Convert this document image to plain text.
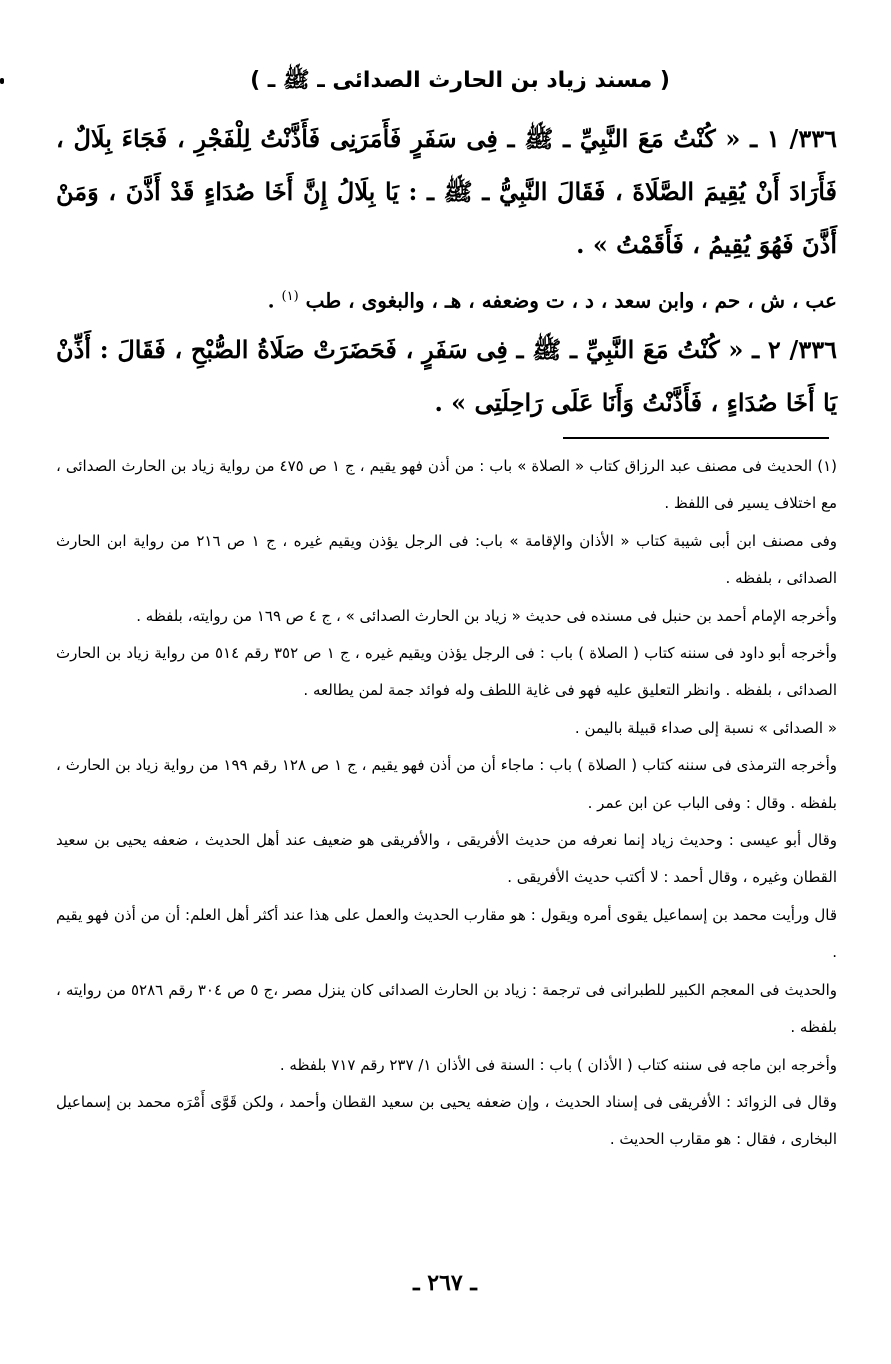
( مسند زياد بن الحارث الصدائى ـ ﷺ ـ )

٣٣٦/ ١ ـ « كُنْتُ مَعَ النَّبِيِّ ـ ﷺ ـ فِى سَفَرٍ فَأَمَرَنِى فَأَذَّنْتُ لِلْفَجْرِ ، فَجَاءَ بِلَالٌ ، فَأَرَادَ أَنْ يُقِيمَ الصَّلَاةَ ، فَقَالَ النَّبِيُّ ـ ﷺ ـ : يَا بِلَالُ إِنَّ أَخَا صُدَاءٍ قَدْ أَذَّنَ ، وَمَنْ أَذَّنَ فَهُوَ يُقِيمُ ، فَأَقَمْتُ » .

عب ، ش ، حم ، وابن سعد ، د ، ت وضعفه ، هـ ، والبغوى ، طب $^{(١)}$ .

٣٣٦/ ٢ ـ « كُنْتُ مَعَ النَّبِيِّ ـ ﷺ ـ فِى سَفَرٍ ، فَحَضَرَتْ صَلَاةُ الصُّبْحِ ، فَقَالَ : أَذِّنْ يَا أَخَا صُدَاءٍ ، فَأَذَّنْتُ وَأَنَا عَلَى رَاحِلَتِى » .

(١) الحديث فى مصنف عبد الرزاق كتاب « الصلاة » باب : من أذن فهو يقيم ، ج ١ ص ٤٧٥ من رواية زياد بن الحارث الصدائى ، مع اختلاف يسير فى اللفظ .

وفى مصنف ابن أبى شيبة كتاب « الأذان والإقامة » باب: فى الرجل يؤذن ويقيم غيره ، ج ١ ص ٢١٦ من رواية ابن الحارث الصدائى ، بلفظه .

وأخرجه الإمام أحمد بن حنبل فى مسنده فى حديث « زياد بن الحارث الصدائى » ، ج ٤ ص ١٦٩ من روايته، بلفظه .

وأخرجه أبو داود فى سننه كتاب ( الصلاة ) باب : فى الرجل يؤذن ويقيم غيره ، ج ١ ص ٣٥٢ رقم ٥١٤ من رواية زياد بن الحارث الصدائى ، بلفظه . وانظر التعليق عليه فهو فى غاية اللطف وله فوائد جمة لمن يطالعه .

« الصدائى » نسبة إلى صداء قبيلة باليمن .

وأخرجه الترمذى فى سننه كتاب ( الصلاة ) باب : ماجاء أن من أذن فهو يقيم ، ج ١ ص ١٢٨ رقم ١٩٩ من رواية زياد بن الحارث ، بلفظه . وقال : وفى الباب عن ابن عمر .

وقال أبو عيسى : وحديث زياد إنما نعرفه من حديث الأفريقى ، والأفريقى هو ضعيف عند أهل الحديث ، ضعفه يحيى بن سعيد القطان وغيره ، وقال أحمد : لا أكتب حديث الأفريقى .

قال ورأيت محمد بن إسماعيل يقوى أمره ويقول : هو مقارب الحديث والعمل على هذا عند أكثر أهل العلم: أن من أذن فهو يقيم .

والحديث فى المعجم الكبير للطبرانى فى ترجمة : زياد بن الحارث الصدائى كان ينزل مصر ،ج ٥ ص ٣٠٤ رقم ٥٢٨٦ من روايته ، بلفظه .

وأخرجه ابن ماجه فى سننه كتاب ( الأذان ) باب : السنة فى الأذان ١/ ٢٣٧ رقم ٧١٧ بلفظه .

وقال فى الزوائد : الأفريقى فى إسناد الحديث ، وإن ضعفه يحيى بن سعيد القطان وأحمد ، ولكن قَوَّى أَمْرَه محمد بن إسماعيل البخارى ، فقال : هو مقارب الحديث .

ـ ٢٦٧ ـ
